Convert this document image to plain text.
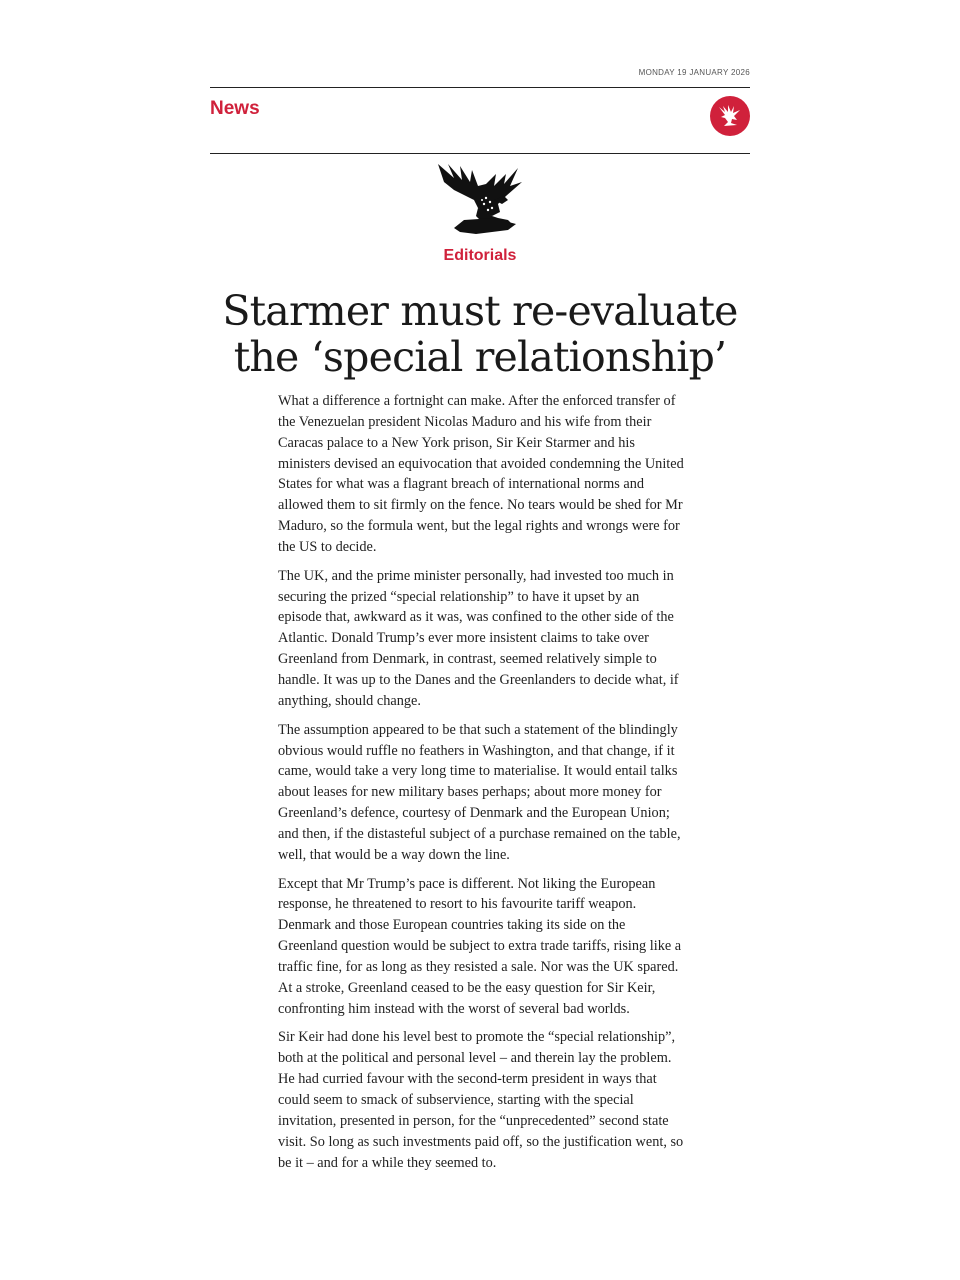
MONDAY 19 JANUARY 2026
News
Editorials
Starmer must re-evaluate
the ‘special relationship’

What a difference a fortnight can make. After the enforced transfer of the Venezuelan president Nicolas Maduro and his wife from their Caracas palace to a New York prison, Sir Keir Starmer and his ministers devised an equivocation that avoided condemning the United States for what was a flagrant breach of international norms and allowed them to sit firmly on the fence. No tears would be shed for Mr Maduro, so the formula went, but the legal rights and wrongs were for the US to decide.

The UK, and the prime minister personally, had invested too much in securing the prized “special relationship” to have it upset by an episode that, awkward as it was, was confined to the other side of the Atlantic. Donald Trump’s ever more insistent claims to take over Greenland from Denmark, in contrast, seemed relatively simple to handle. It was up to the Danes and the Greenlanders to decide what, if anything, should change.

The assumption appeared to be that such a statement of the blindingly obvious would ruffle no feathers in Washington, and that change, if it came, would take a very long time to materialise. It would entail talks about leases for new military bases perhaps; about more money for Greenland’s defence, courtesy of Denmark and the European Union; and then, if the distasteful subject of a purchase remained on the table, well, that would be a way down the line.

Except that Mr Trump’s pace is different. Not liking the European response, he threatened to resort to his favourite tariff weapon. Denmark and those European countries taking its side on the Greenland question would be subject to extra trade tariffs, rising like a traffic fine, for as long as they resisted a sale. Nor was the UK spared. At a stroke, Greenland ceased to be the easy question for Sir Keir, confronting him instead with the worst of several bad worlds.

Sir Keir had done his level best to promote the “special relationship”, both at the political and personal level – and therein lay the problem. He had curried favour with the second-term president in ways that could seem to smack of subservience, starting with the special invitation, presented in person, for the “unprecedented” second state visit. So long as such investments paid off, so the justification went, so be it – and for a while they seemed to.
